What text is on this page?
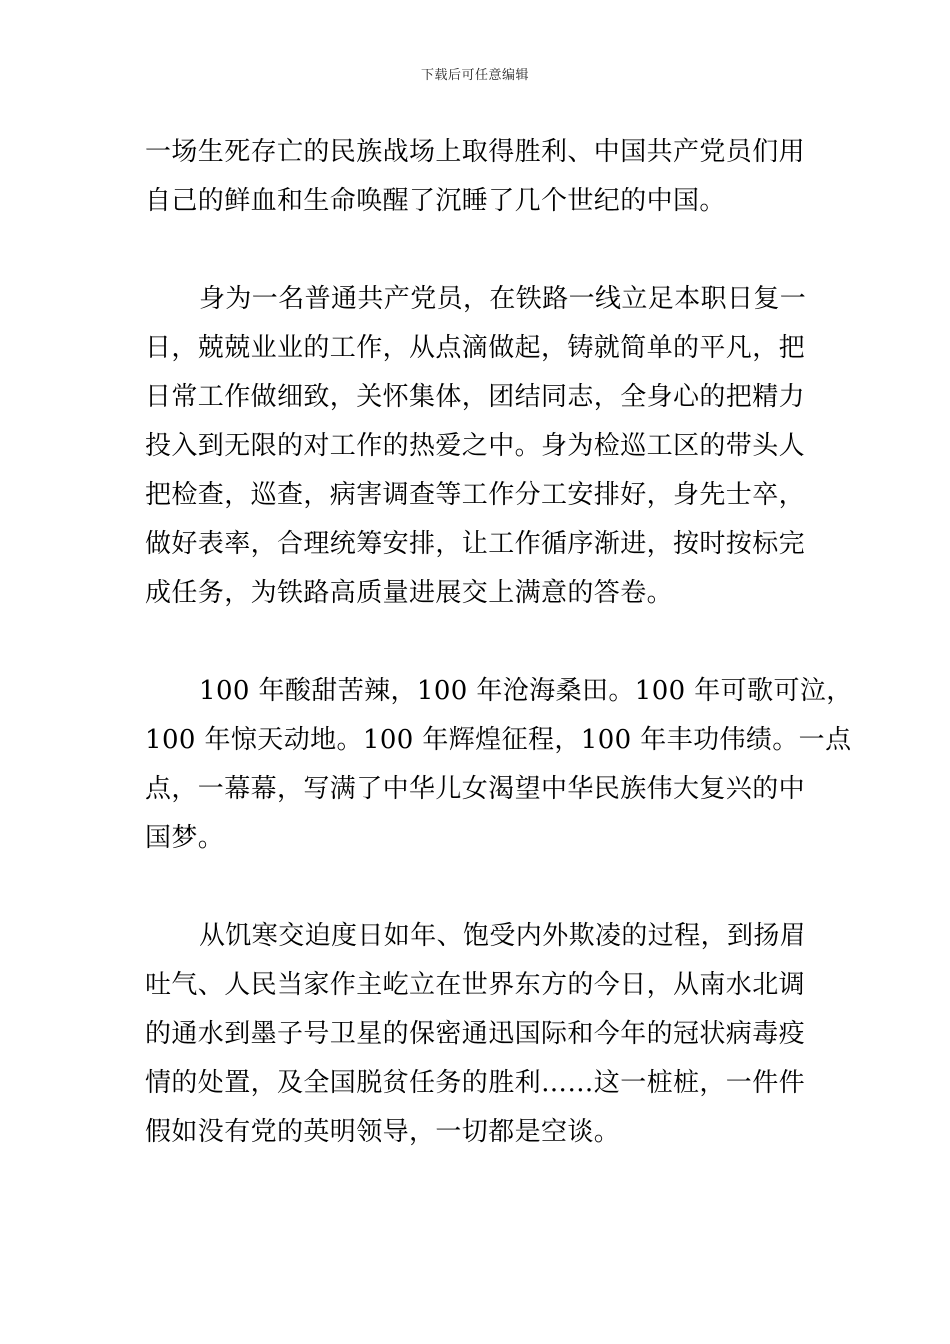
下载后可任意编辑
一场生死存亡的民族战场上取得胜利、中国共产党员们用
自己的鲜血和生命唤醒了沉睡了几个世纪的中国。
身为一名普通共产党员，在铁路一线立足本职日复一
日，兢兢业业的工作，从点滴做起，铸就简单的平凡，把
日常工作做细致，关怀集体，团结同志，全身心的把精力
投入到无限的对工作的热爱之中。身为检巡工区的带头人
把检查，巡查，病害调查等工作分工安排好，身先士卒，
做好表率，合理统筹安排，让工作循序渐进，按时按标完
成任务，为铁路高质量进展交上满意的答卷。
100 年酸甜苦辣，100 年沧海桑田。100 年可歌可泣，
100 年惊天动地。100 年辉煌征程，100 年丰功伟绩。一点
点，一幕幕，写满了中华儿女渴望中华民族伟大复兴的中
国梦。
从饥寒交迫度日如年、饱受内外欺凌的过程，到扬眉
吐气、人民当家作主屹立在世界东方的今日，从南水北调
的通水到墨子号卫星的保密通迅国际和今年的冠状病毒疫
情的处置，及全国脱贫任务的胜利……这一桩桩，一件件
假如没有党的英明领导，一切都是空谈。
